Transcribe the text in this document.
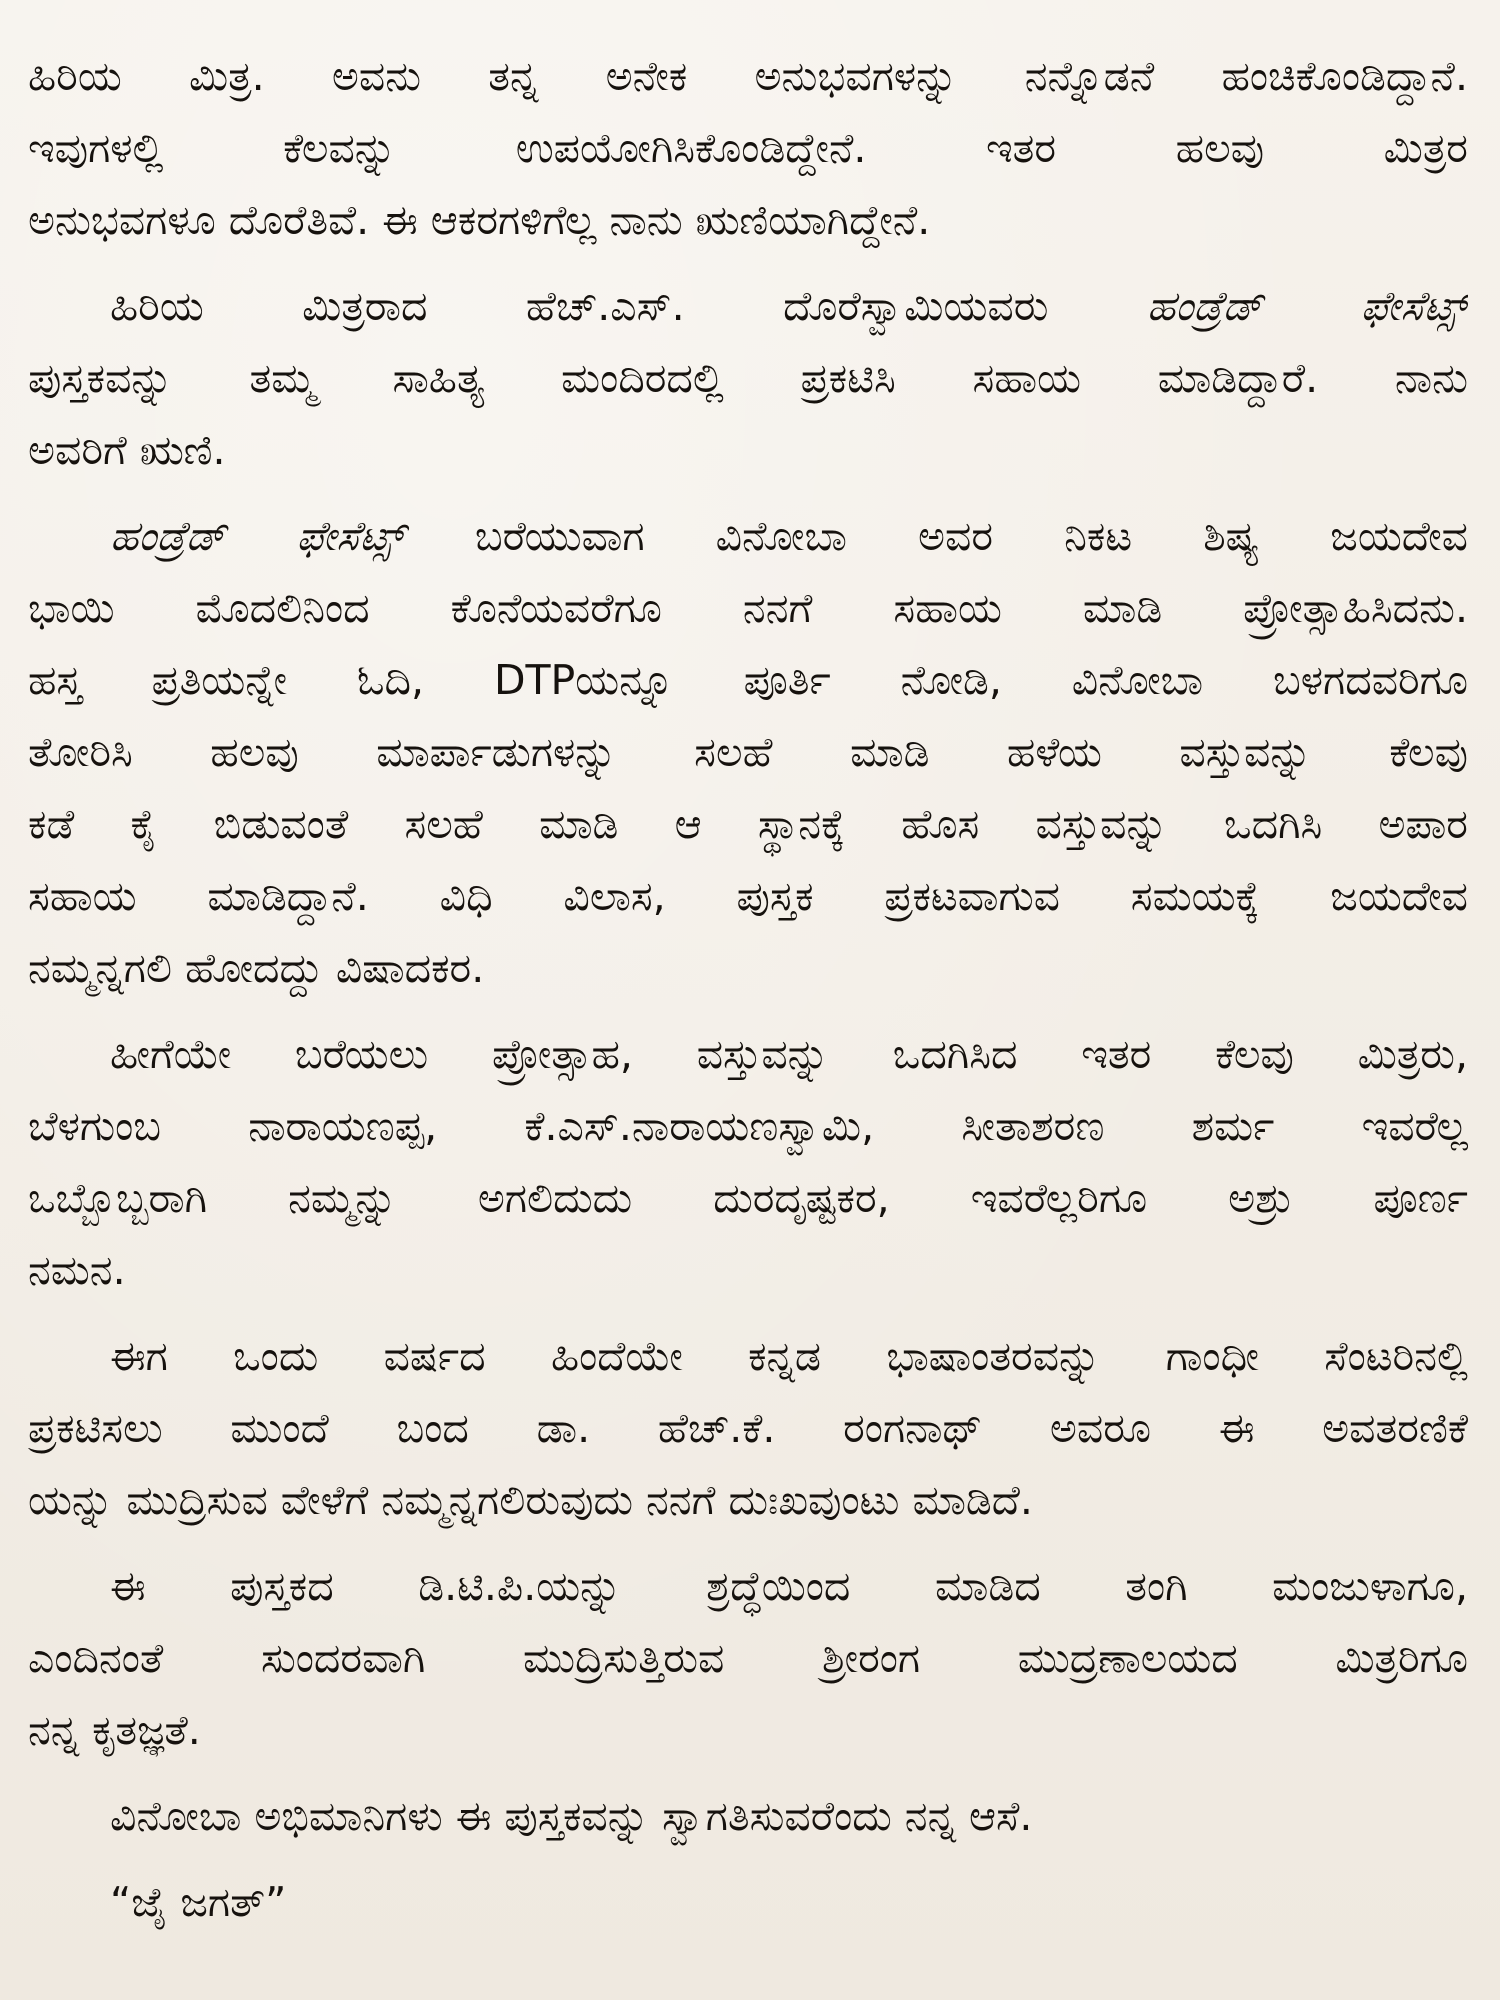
ಹಿರಿಯ ಮಿತ್ರ. ಅವನು ತನ್ನ ಅನೇಕ ಅನುಭವಗಳನ್ನು ನನ್ನೊಡನೆ ಹಂಚಿಕೊಂಡಿದ್ದಾನೆ.
ಇವುಗಳಲ್ಲಿ ಕೆಲವನ್ನು ಉಪಯೋಗಿಸಿಕೊಂಡಿದ್ದೇನೆ. ಇತರ ಹಲವು ಮಿತ್ರರ
ಅನುಭವಗಳೂ ದೊರೆತಿವೆ. ಈ ಆಕರಗಳಿಗೆಲ್ಲ ನಾನು ಋಣಿಯಾಗಿದ್ದೇನೆ.

ಹಿರಿಯ ಮಿತ್ರರಾದ ಹೆಚ್.ಎಸ್. ದೊರೆಸ್ವಾಮಿಯವರು ಹಂಡ್ರೆಡ್ ಫೇಸೆಟ್ಸ್
ಪುಸ್ತಕವನ್ನು ತಮ್ಮ ಸಾಹಿತ್ಯ ಮಂದಿರದಲ್ಲಿ ಪ್ರಕಟಿಸಿ ಸಹಾಯ ಮಾಡಿದ್ದಾರೆ. ನಾನು
ಅವರಿಗೆ ಋಣಿ.

ಹಂಡ್ರೆಡ್ ಫೇಸೆಟ್ಸ್ ಬರೆಯುವಾಗ ವಿನೋಬಾ ಅವರ ನಿಕಟ ಶಿಷ್ಯ ಜಯದೇವ
ಭಾಯಿ ಮೊದಲಿನಿಂದ ಕೊನೆಯವರೆಗೂ ನನಗೆ ಸಹಾಯ ಮಾಡಿ ಪ್ರೋತ್ಸಾಹಿಸಿದನು.
ಹಸ್ತ ಪ್ರತಿಯನ್ನೇ ಓದಿ, DTPಯನ್ನೂ ಪೂರ್ತಿ ನೋಡಿ, ವಿನೋಬಾ ಬಳಗದವರಿಗೂ
ತೋರಿಸಿ ಹಲವು ಮಾರ್ಪಾಡುಗಳನ್ನು ಸಲಹೆ ಮಾಡಿ ಹಳೆಯ ವಸ್ತುವನ್ನು ಕೆಲವು
ಕಡೆ ಕೈ ಬಿಡುವಂತೆ ಸಲಹೆ ಮಾಡಿ ಆ ಸ್ಥಾನಕ್ಕೆ ಹೊಸ ವಸ್ತುವನ್ನು ಒದಗಿಸಿ ಅಪಾರ
ಸಹಾಯ ಮಾಡಿದ್ದಾನೆ. ವಿಧಿ ವಿಲಾಸ, ಪುಸ್ತಕ ಪ್ರಕಟವಾಗುವ ಸಮಯಕ್ಕೆ ಜಯದೇವ
ನಮ್ಮನ್ನಗಲಿ ಹೋದದ್ದು ವಿಷಾದಕರ.

ಹೀಗೆಯೇ ಬರೆಯಲು ಪ್ರೋತ್ಸಾಹ, ವಸ್ತುವನ್ನು ಒದಗಿಸಿದ ಇತರ ಕೆಲವು ಮಿತ್ರರು,
ಬೆಳಗುಂಬ ನಾರಾಯಣಪ್ಪ, ಕೆ.ಎಸ್.ನಾರಾಯಣಸ್ವಾಮಿ, ಸೀತಾಶರಣ ಶರ್ಮ ಇವರೆಲ್ಲ
ಒಬ್ಬೊಬ್ಬರಾಗಿ ನಮ್ಮನ್ನು ಅಗಲಿದುದು ದುರದೃಷ್ಟಕರ, ಇವರೆಲ್ಲರಿಗೂ ಅಶ್ರು ಪೂರ್ಣ
ನಮನ.

ಈಗ ಒಂದು ವರ್ಷದ ಹಿಂದೆಯೇ ಕನ್ನಡ ಭಾಷಾಂತರವನ್ನು ಗಾಂಧೀ ಸೆಂಟರಿನಲ್ಲಿ
ಪ್ರಕಟಿಸಲು ಮುಂದೆ ಬಂದ ಡಾ. ಹೆಚ್.ಕೆ. ರಂಗನಾಥ್ ಅವರೂ ಈ ಅವತರಣಿಕೆ
ಯನ್ನು ಮುದ್ರಿಸುವ ವೇಳೆಗೆ ನಮ್ಮನ್ನಗಲಿರುವುದು ನನಗೆ ದುಃಖವುಂಟು ಮಾಡಿದೆ.

ಈ ಪುಸ್ತಕದ ಡಿ.ಟಿ.ಪಿ.ಯನ್ನು ಶ್ರದ್ಧೆಯಿಂದ ಮಾಡಿದ ತಂಗಿ ಮಂಜುಳಾಗೂ,
ಎಂದಿನಂತೆ ಸುಂದರವಾಗಿ ಮುದ್ರಿಸುತ್ತಿರುವ ಶ್ರೀರಂಗ ಮುದ್ರಣಾಲಯದ ಮಿತ್ರರಿಗೂ
ನನ್ನ ಕೃತಜ್ಞತೆ.

ವಿನೋಬಾ ಅಭಿಮಾನಿಗಳು ಈ ಪುಸ್ತಕವನ್ನು ಸ್ವಾಗತಿಸುವರೆಂದು ನನ್ನ ಆಸೆ.

“ಜೈ ಜಗತ್”
